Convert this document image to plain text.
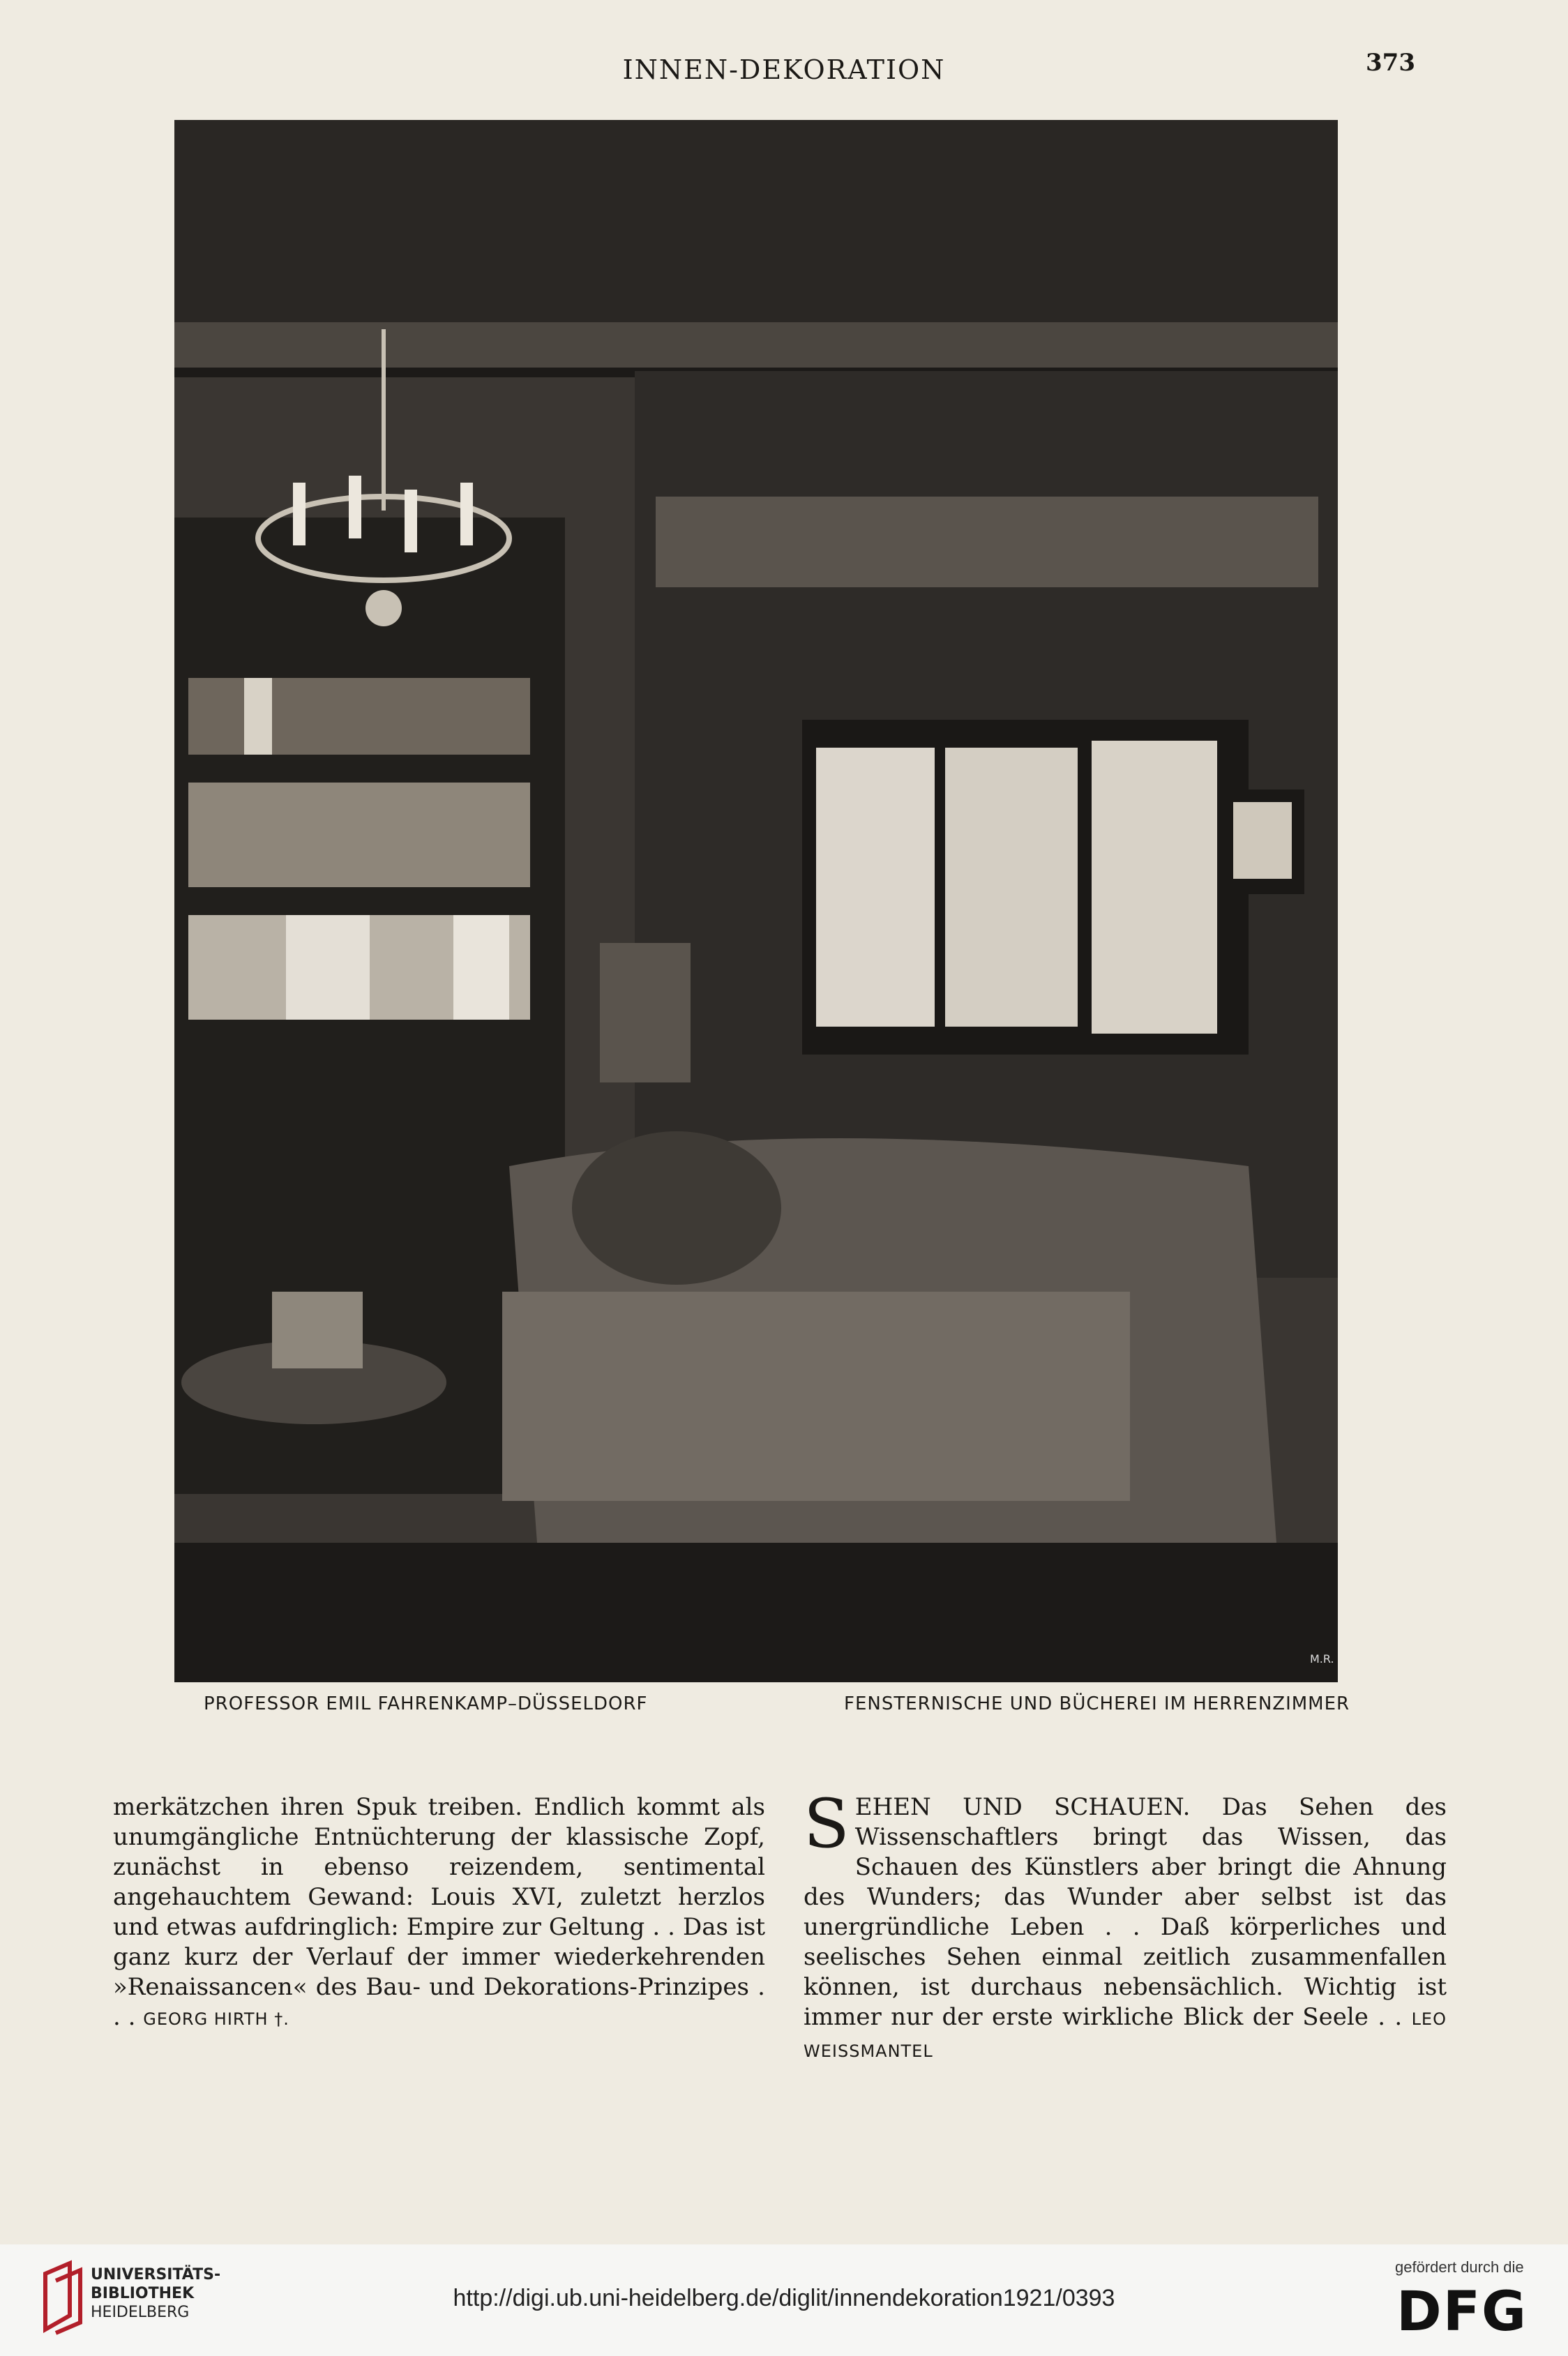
INNEN-DEKORATION	373
M.R.
PROFESSOR EMIL FAHRENKAMP–DÜSSELDORF	FENSTERNISCHE UND BÜCHEREI IM HERRENZIMMER
merkätzchen ihren Spuk treiben. Endlich kommt als unumgängliche Entnüchterung der klassische Zopf, zunächst in ebenso reizendem, sentimental angehauchtem Gewand: Louis XVI, zuletzt herzlos und etwas aufdringlich: Empire zur Geltung . . Das ist ganz kurz der Verlauf der immer wiederkehrenden »Renaissancen« des Bau- und Dekorations-Prinzipes . . . GEORG HIRTH †.
S EHEN UND SCHAUEN. Das Sehen des Wissenschaftlers bringt das Wissen, das Schauen des Künstlers aber bringt die Ahnung des Wunders; das Wunder aber selbst ist das unergründliche Leben . . Daß körperliches und seelisches Sehen einmal zeitlich zusammenfallen können, ist durchaus nebensächlich. Wichtig ist immer nur der erste wirkliche Blick der Seele . . LEO WEISSMANTEL
UNIVERSITÄTS-
BIBLIOTHEK
HEIDELBERG
http://digi.ub.uni-heidelberg.de/diglit/innendekoration1921/0393
gefördert durch die
DFG
